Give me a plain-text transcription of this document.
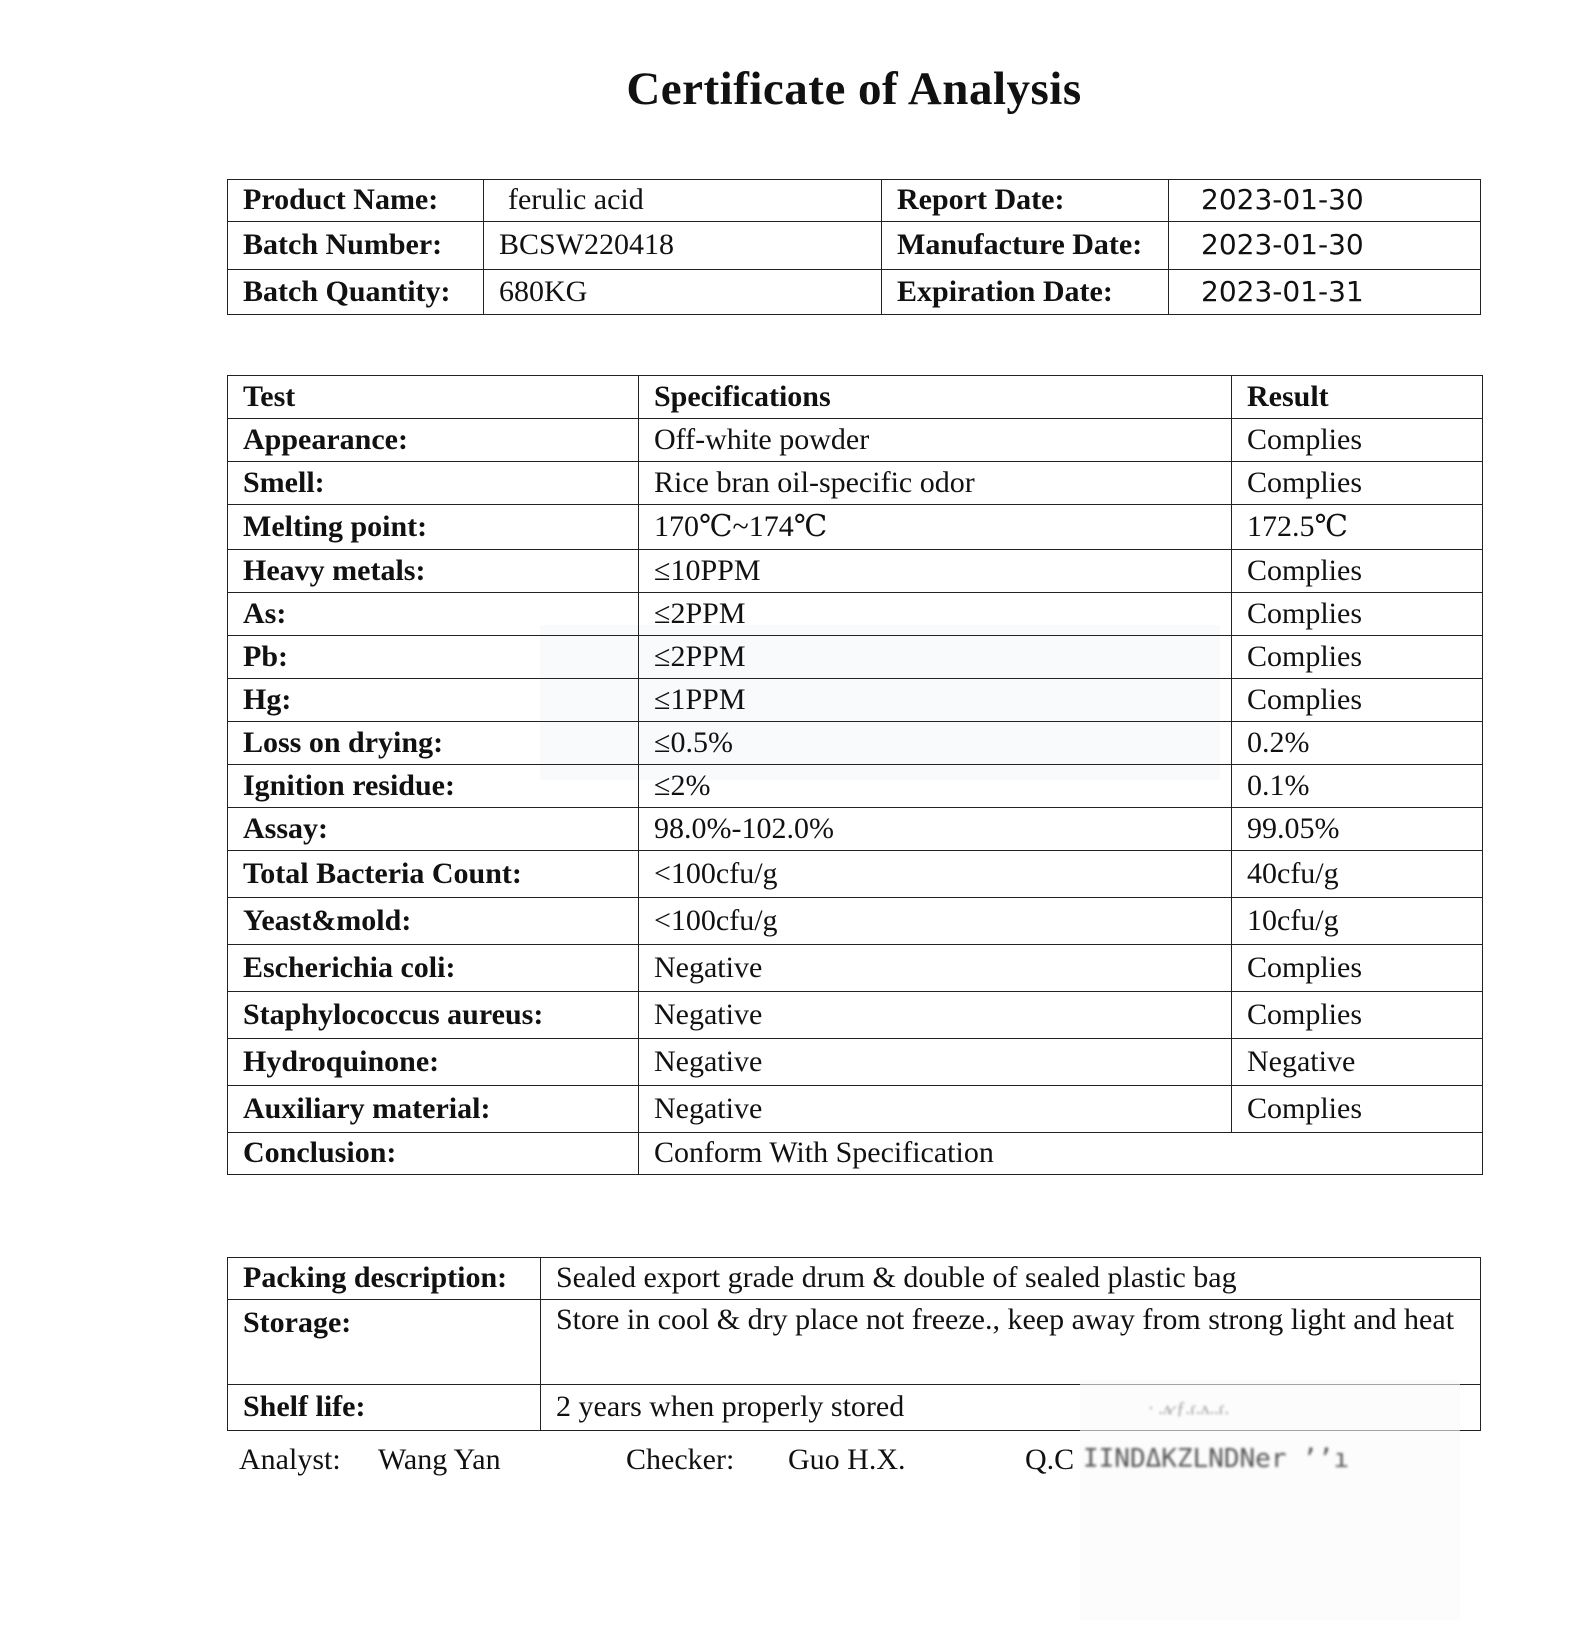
Certificate of Analysis
Product Name:	ferulic acid	Report Date:	2023-01-30
Batch Number:	BCSW220418	Manufacture Date:	2023-01-30
Batch Quantity:	680KG	Expiration Date:	2023-01-31
Test	Specifications	Result
Appearance:	Off-white powder	Complies
Smell:	Rice bran oil-specific odor	Complies
Melting point:	170℃~174℃	172.5℃
Heavy metals:	≤10PPM	Complies
As:	≤2PPM	Complies
Pb:	≤2PPM	Complies
Hg:	≤1PPM	Complies
Loss on drying:	≤0.5%	0.2%
Ignition residue:	≤2%	0.1%
Assay:	98.0%-102.0%	99.05%
Total Bacteria Count:	<100cfu/g	40cfu/g
Yeast&mold:	<100cfu/g	10cfu/g
Escherichia coli:	Negative	Complies
Staphylococcus aureus:	Negative	Complies
Hydroquinone:	Negative	Negative
Auxiliary material:	Negative	Complies
Conclusion:	Conform With Specification	
Packing description:	Sealed export grade drum & double of sealed plastic bag
Storage:	Store in cool & dry place not freeze., keep away from strong light and heat
Shelf life:	2 years when properly stored	· .ʌ̷ ƒ.ɾ.ʌ..ɾ.
Analyst: Wang Yan	Checker: Guo H.X.	Q.C ΙΙΝDΔΚΖLΝDΝеr ʼʼı
